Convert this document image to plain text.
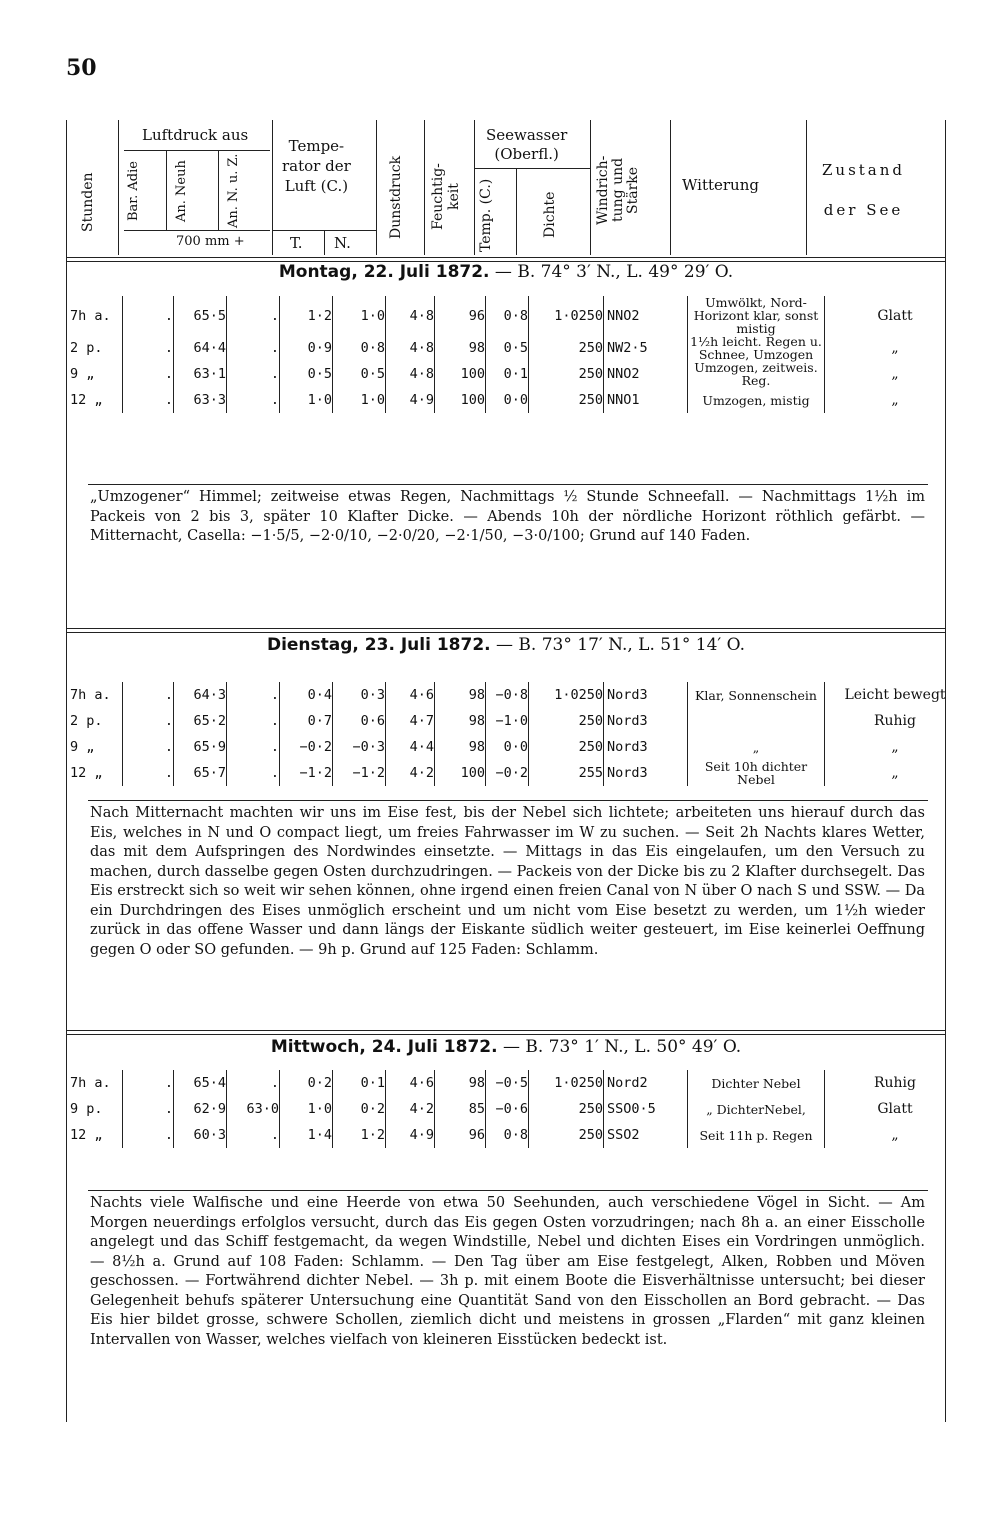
50
Stunden
Luftdruck aus
Bar. Adie	An. Neuh	An. N. u. Z.
700 mm +
Tempe-
rator der
Luft (C.)
T. N.
Dunstdruck Feuchtig-
keit
Seewasser
(Oberfl.)
Temp. (C.)	Dichte	Windrich-
tung und
Stärke	Witterung
Zustand
der See
Montag, 22. Juli 1872. — B. 74° 3′ N., L. 49° 29′ O.
7h a.	.	65·5	.	1·2	1·0	4·8	96	0·8	1·0250	NNO2	Umwölkt, Nord-Horizont klar, sonst mistig	Glatt
2 p.	.	64·4	.	0·9	0·8	4·8	98	0·5	250	NW2·5	1½h leicht. Regen u. Schnee, Umzogen	„
9 „	.	63·1	.	0·5	0·5	4·8	100	0·1	250	NNO2	Umzogen, zeitweis. Reg.	„
12 „	.	63·3	.	1·0	1·0	4·9	100	0·0	250	NNO1	Umzogen, mistig	„

„Umzogener“ Himmel; zeitweise etwas Regen, Nachmittags ½ Stunde Schneefall. — Nachmittags 1½h im Packeis von 2 bis 3, später 10 Klafter Dicke. — Abends 10h der nördliche Horizont röthlich gefärbt. — Mitternacht, Casella: −1·5/5, −2·0/10, −2·0/20, −2·1/50, −3·0/100; Grund auf 140 Faden.

Dienstag, 23. Juli 1872. — B. 73° 17′ N., L. 51° 14′ O.
7h a.	.	64·3	.	0·4	0·3	4·6	98	−0·8	1·0250	Nord3	Klar, Sonnenschein	Leicht bewegt
2 p.	.	65·2	.	0·7	0·6	4·7	98	−1·0	250	Nord3		Ruhig
9 „	.	65·9	.	−0·2	−0·3	4·4	98	0·0	250	Nord3	„	„
12 „	.	65·7	.	−1·2	−1·2	4·2	100	−0·2	255	Nord3	Seit 10h dichter Nebel	„

Nach Mitternacht machten wir uns im Eise fest, bis der Nebel sich lichtete; arbeiteten uns hierauf durch das Eis, welches in N und O compact liegt, um freies Fahrwasser im W zu suchen. — Seit 2h Nachts klares Wetter, das mit dem Aufspringen des Nordwindes einsetzte. — Mittags in das Eis eingelaufen, um den Versuch zu machen, durch dasselbe gegen Osten durchzudringen. — Packeis von der Dicke bis zu 2 Klafter durchsegelt. Das Eis erstreckt sich so weit wir sehen können, ohne irgend einen freien Canal von N über O nach S und SSW. — Da ein Durchdringen des Eises unmöglich erscheint und um nicht vom Eise besetzt zu werden, um 1½h wieder zurück in das offene Wasser und dann längs der Eiskante südlich weiter gesteuert, im Eise keinerlei Oeffnung gegen O oder SO gefunden. — 9h p. Grund auf 125 Faden: Schlamm.

Mittwoch, 24. Juli 1872. — B. 73° 1′ N., L. 50° 49′ O.
7h a.	.	65·4	.	0·2	0·1	4·6	98	−0·5	1·0250	Nord2	Dichter Nebel	Ruhig
9 p.	.	62·9	63·0	1·0	0·2	4·2	85	−0·6	250	SSO0·5	„ DichterNebel,	Glatt
12 „	.	60·3	.	1·4	1·2	4·9	96	0·8	250	SSO2	Seit 11h p. Regen	„

Nachts viele Walfische und eine Heerde von etwa 50 Seehunden, auch verschiedene Vögel in Sicht. — Am Morgen neuerdings erfolglos versucht, durch das Eis gegen Osten vorzudringen; nach 8h a. an einer Eisscholle angelegt und das Schiff festgemacht, da wegen Windstille, Nebel und dichten Eises ein Vordringen unmöglich. — 8½h a. Grund auf 108 Faden: Schlamm. — Den Tag über am Eise festgelegt, Alken, Robben und Möven geschossen. — Fortwährend dichter Nebel. — 3h p. mit einem Boote die Eisverhältnisse untersucht; bei dieser Gelegenheit behufs späterer Untersuchung eine Quantität Sand von den Eisschollen an Bord gebracht. — Das Eis hier bildet grosse, schwere Schollen, ziemlich dicht und meistens in grossen „Flarden“ mit ganz kleinen Intervallen von Wasser, welches vielfach von kleineren Eisstücken bedeckt ist.
